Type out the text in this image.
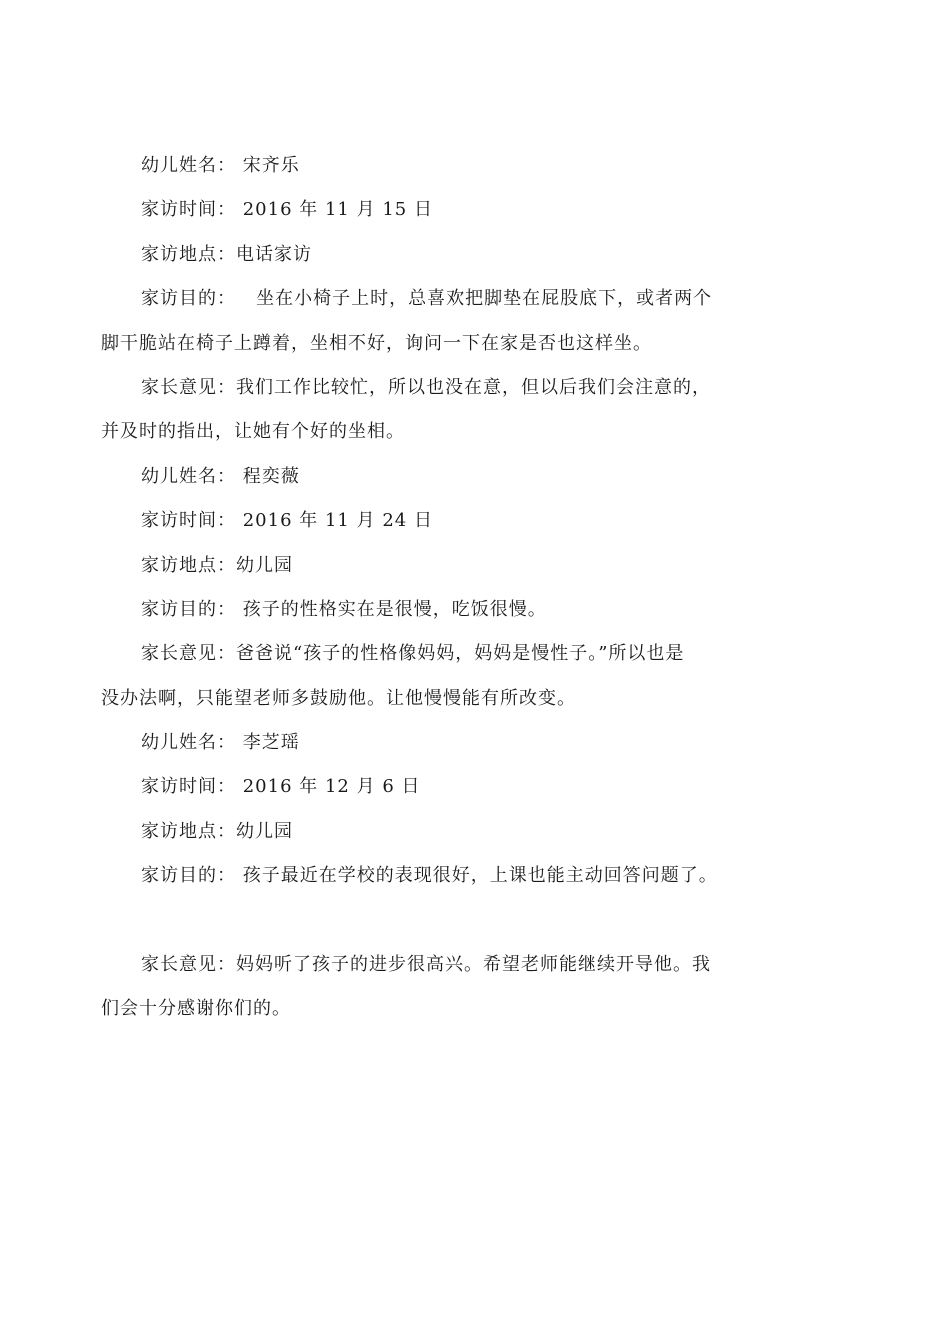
幼儿姓名： 宋齐乐
家访时间： 2016 年 11 月 15 日
家访地点：电话家访
家访目的：   坐在小椅子上时，总喜欢把脚垫在屁股底下，或者两个
脚干脆站在椅子上蹲着，坐相不好，询问一下在家是否也这样坐。
家长意见：我们工作比较忙，所以也没在意，但以后我们会注意的，
并及时的指出，让她有个好的坐相。
幼儿姓名： 程奕薇
家访时间： 2016 年 11 月 24 日
家访地点：幼儿园
家访目的： 孩子的性格实在是很慢，吃饭很慢。
家长意见：爸爸说“孩子的性格像妈妈，妈妈是慢性子。”所以也是
没办法啊，只能望老师多鼓励他。让他慢慢能有所改变。
幼儿姓名： 李芝瑶
家访时间： 2016 年 12 月 6 日
家访地点：幼儿园
家访目的： 孩子最近在学校的表现很好，上课也能主动回答问题了。
家长意见：妈妈听了孩子的进步很高兴。希望老师能继续开导他。我
们会十分感谢你们的。
